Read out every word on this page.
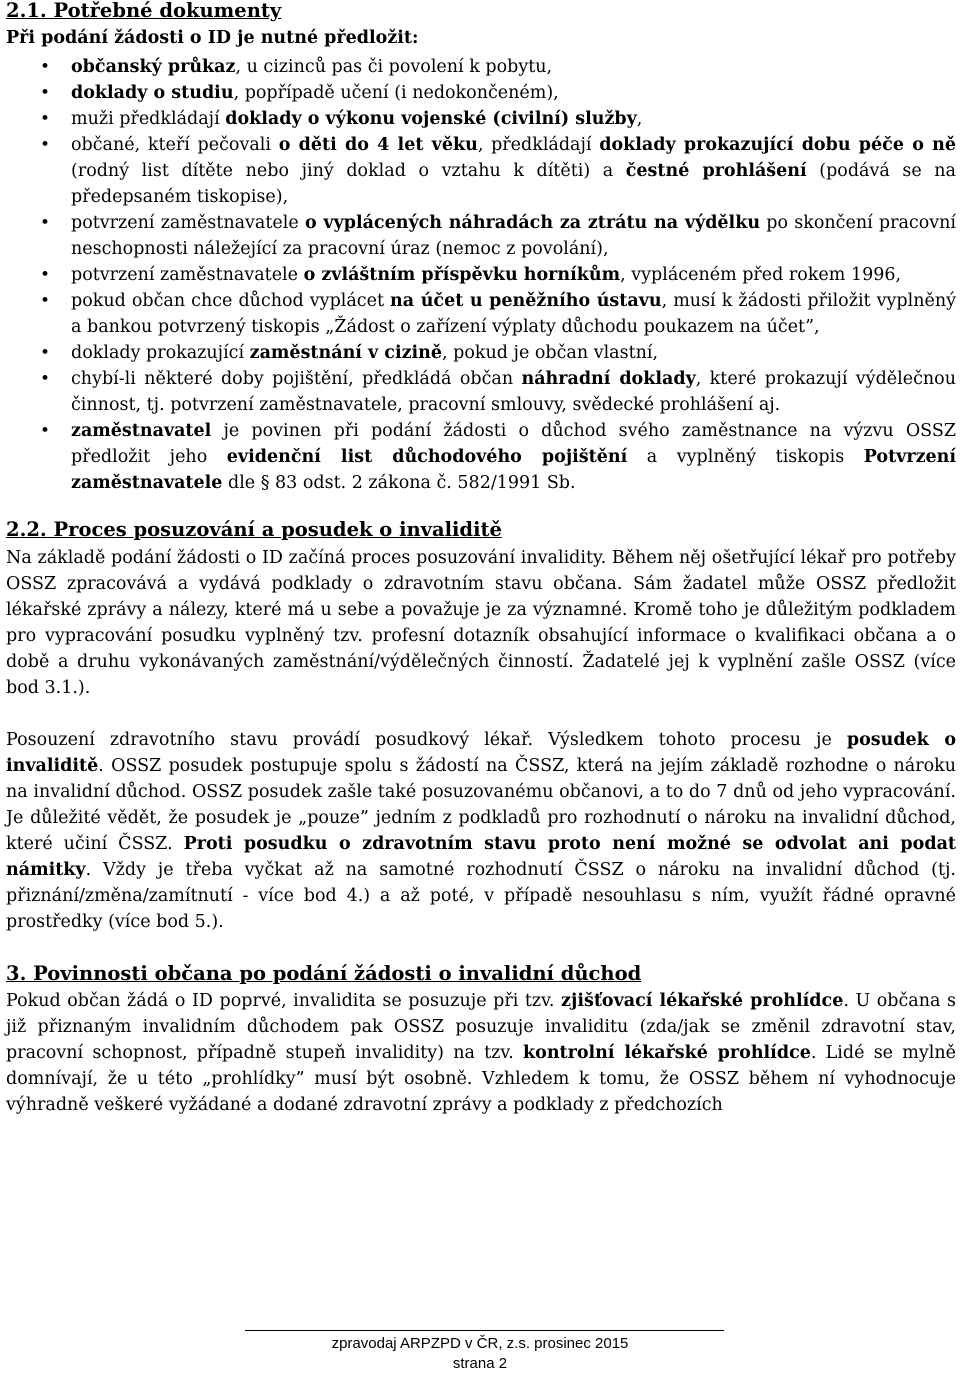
2.1. Potřebné dokumenty

Při podání žádosti o ID je nutné předložit:

• občanský průkaz, u cizinců pas či povolení k pobytu,
• doklady o studiu, popřípadě učení (i nedokončeném),
• muži předkládají doklady o výkonu vojenské (civilní) služby,
• občané, kteří pečovali o děti do 4 let věku, předkládají doklady prokazující dobu péče o ně (rodný list dítěte nebo jiný doklad o vztahu k dítěti) a čestné prohlášení (podává se na předepsaném tiskopise),
• potvrzení zaměstnavatele o vyplácených náhradách za ztrátu na výdělku po skončení pracovní neschopnosti náležející za pracovní úraz (nemoc z povolání),
• potvrzení zaměstnavatele o zvláštním příspěvku horníkům, vypláceném před rokem 1996,
• pokud občan chce důchod vyplácet na účet u peněžního ústavu, musí k žádosti přiložit vyplněný a bankou potvrzený tiskopis „Žádost o zařízení výplaty důchodu poukazem na účet”,
• doklady prokazující zaměstnání v cizině, pokud je občan vlastní,
• chybí-li některé doby pojištění, předkládá občan náhradní doklady, které prokazují výdělečnou činnost, tj. potvrzení zaměstnavatele, pracovní smlouvy, svědecké prohlášení aj.
• zaměstnavatel je povinen při podání žádosti o důchod svého zaměstnance na výzvu OSSZ předložit jeho evidenční list důchodového pojištění a vyplněný tiskopis Potvrzení zaměstnavatele dle § 83 odst. 2 zákona č. 582/1991 Sb.
2.2. Proces posuzování a posudek o invaliditě

Na základě podání žádosti o ID začíná proces posuzování invalidity. Během něj ošetřující lékař pro potřeby OSSZ zpracovává a vydává podklady o zdravotním stavu občana. Sám žadatel může OSSZ předložit lékařské zprávy a nálezy, které má u sebe a považuje je za významné. Kromě toho je důležitým podkladem pro vypracování posudku vyplněný tzv. profesní dotazník obsahující informace o kvalifikaci občana a o době a druhu vykonávaných zaměstnání/výdělečných činností. Žadatelé jej k vyplnění zašle OSSZ (více bod 3.1.).

Posouzení zdravotního stavu provádí posudkový lékař. Výsledkem tohoto procesu je posudek o invaliditě. OSSZ posudek postupuje spolu s žádostí na ČSSZ, která na jejím základě rozhodne o nároku na invalidní důchod. OSSZ posudek zašle také posuzovanému občanovi, a to do 7 dnů od jeho vypracování. Je důležité vědět, že posudek je „pouze” jedním z podkladů pro rozhodnutí o nároku na invalidní důchod, které učiní ČSSZ. Proti posudku o zdravotním stavu proto není možné se odvolat ani podat námitky. Vždy je třeba vyčkat až na samotné rozhodnutí ČSSZ o nároku na invalidní důchod (tj. přiznání/změna/zamítnutí - více bod 4.) a až poté, v případě nesouhlasu s ním, využít řádné opravné prostředky (více bod 5.).

3. Povinnosti občana po podání žádosti o invalidní důchod

Pokud občan žádá o ID poprvé, invalidita se posuzuje při tzv. zjišťovací lékařské prohlídce. U občana s již přiznaným invalidním důchodem pak OSSZ posuzuje invaliditu (zda/jak se změnil zdravotní stav, pracovní schopnost, případně stupeň invalidity) na tzv. kontrolní lékařské prohlídce. Lidé se mylně domnívají, že u této „prohlídky” musí být osobně. Vzhledem k tomu, že OSSZ během ní vyhodnocuje výhradně veškeré vyžádané a dodané zdravotní zprávy a podklady z předchozích

zpravodaj ARPZPD v ČR, z.s. prosinec 2015
strana 2
